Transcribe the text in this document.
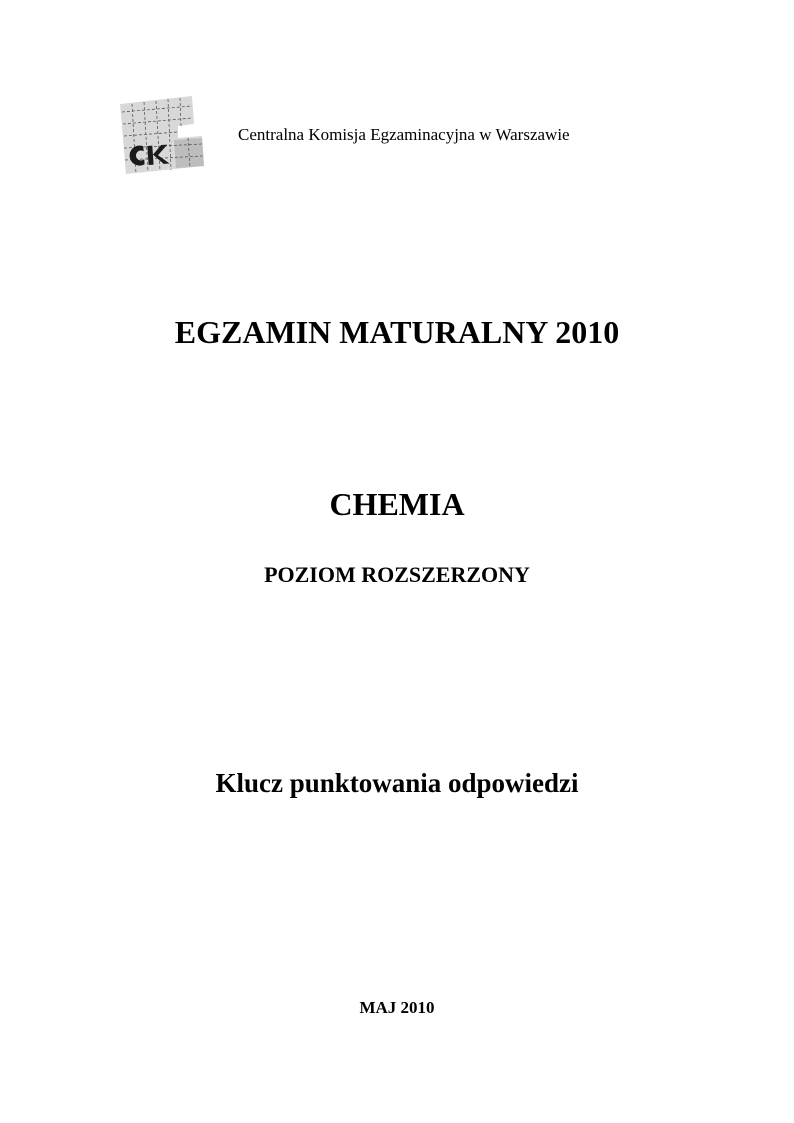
Centralna Komisja Egzaminacyjna w Warszawie
EGZAMIN MATURALNY 2010
CHEMIA
POZIOM ROZSZERZONY
Klucz punktowania odpowiedzi
MAJ 2010
